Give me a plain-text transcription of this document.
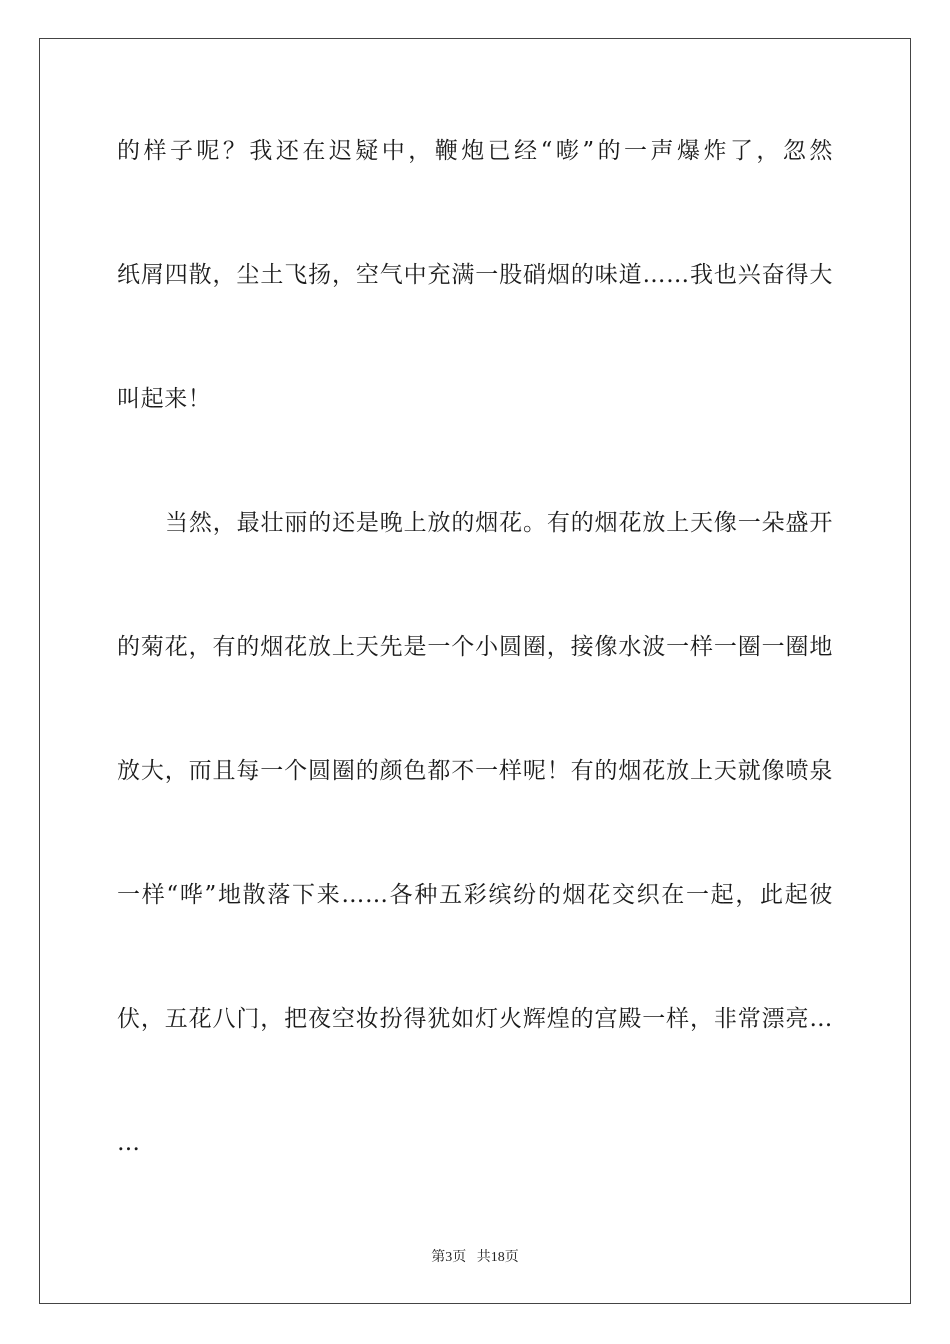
的样子呢？我还在迟疑中，鞭炮已经“嘭”的一声爆炸了，忽然
纸屑四散，尘土飞扬，空气中充满一股硝烟的味道……我也兴奋得大
叫起来！
当然，最壮丽的还是晚上放的烟花。有的烟花放上天像一朵盛开
的菊花，有的烟花放上天先是一个小圆圈，接像水波一样一圈一圈地
放大，而且每一个圆圈的颜色都不一样呢！有的烟花放上天就像喷泉
一样“哗”地散落下来……各种五彩缤纷的烟花交织在一起，此起彼
伏，五花八门，把夜空妆扮得犹如灯火辉煌的宫殿一样，非常漂亮…
…
第3页 共18页
